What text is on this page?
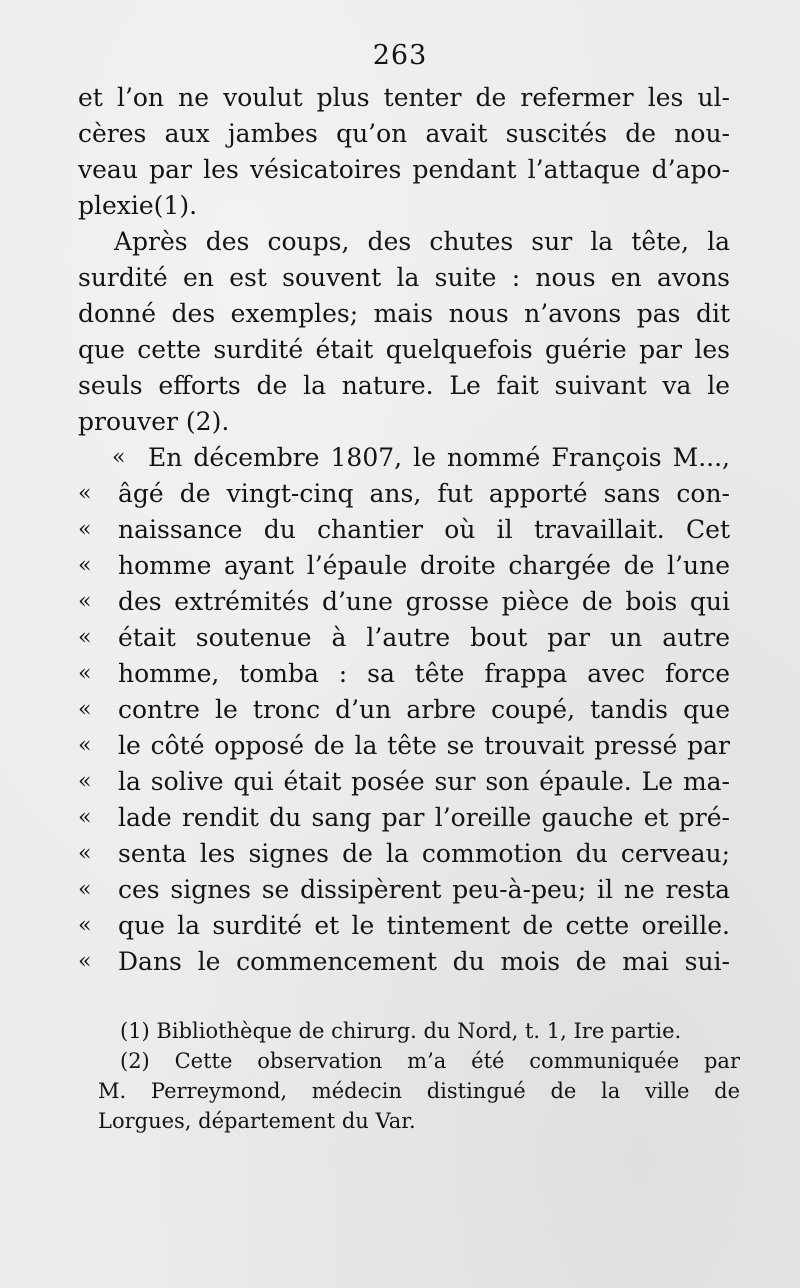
263
et l’on ne voulut plus tenter de refermer les ul-
cères aux jambes qu’on avait suscités de nou-
veau par les vésicatoires pendant l’attaque d’apo-
plexie(1).
Après des coups, des chutes sur la tête, la
surdité en est souvent la suite : nous en avons
donné des exemples; mais nous n’avons pas dit
que cette surdité était quelquefois guérie par les
seuls efforts de la nature. Le fait suivant va le
prouver (2).
« En décembre 1807, le nommé François M...,
«	âgé de vingt-cinq ans, fut apporté sans con-
«	naissance du chantier où il travaillait. Cet
«	homme ayant l’épaule droite chargée de l’une
«	des extrémités d’une grosse pièce de bois qui
«	était soutenue à l’autre bout par un autre
«	homme, tomba : sa tête frappa avec force
«	contre le tronc d’un arbre coupé, tandis que
«	le côté opposé de la tête se trouvait pressé par
«	la solive qui était posée sur son épaule. Le ma-
«	lade rendit du sang par l’oreille gauche et pré-
«	senta les signes de la commotion du cerveau;
«	ces signes se dissipèrent peu-à-peu; il ne resta
«	que la surdité et le tintement de cette oreille.
«	Dans le commencement du mois de mai sui-
(1) Bibliothèque de chirurg. du Nord, t. 1, Ire partie.
(2) Cette observation m’a été communiquée par
M. Perreymond, médecin distingué de la ville de
Lorgues, département du Var.
